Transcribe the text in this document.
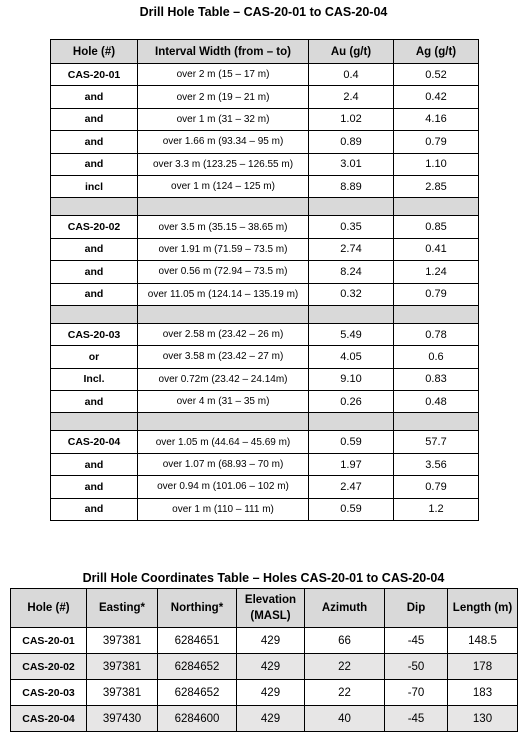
Drill Hole Table – CAS-20-01 to CAS-20-04
Hole (#)	Interval Width (from – to)	Au (g/t)	Ag (g/t)
CAS-20-01	over 2 m (15 – 17 m)	0.4	0.52
and	over 2 m (19 – 21 m)	2.4	0.42
and	over 1 m (31 – 32 m)	1.02	4.16
and	over 1.66 m (93.34 – 95 m)	0.89	0.79
and	over 3.3 m (123.25 – 126.55 m)	3.01	1.10
incl	over 1 m (124 – 125 m)	8.89	2.85

CAS-20-02	over 3.5 m (35.15 – 38.65 m)	0.35	0.85
and	over 1.91 m (71.59 – 73.5 m)	2.74	0.41
and	over 0.56 m (72.94 – 73.5 m)	8.24	1.24
and	over 11.05 m (124.14 – 135.19 m)	0.32	0.79

CAS-20-03	over 2.58 m (23.42 – 26 m)	5.49	0.78
or	over 3.58 m (23.42 – 27 m)	4.05	0.6
Incl.	over 0.72m (23.42 – 24.14m)	9.10	0.83
and	over 4 m (31 – 35 m)	0.26	0.48

CAS-20-04	over 1.05 m (44.64 – 45.69 m)	0.59	57.7
and	over 1.07 m (68.93 – 70 m)	1.97	3.56
and	over 0.94 m (101.06 – 102 m)	2.47	0.79
and	over 1 m (110 – 111 m)	0.59	1.2
Drill Hole Coordinates Table – Holes CAS-20-01 to CAS-20-04
Hole (#)	Easting*	Northing*	Elevation (MASL)	Azimuth	Dip	Length (m)
CAS-20-01	397381	6284651	429	66	-45	148.5
CAS-20-02	397381	6284652	429	22	-50	178
CAS-20-03	397381	6284652	429	22	-70	183
CAS-20-04	397430	6284600	429	40	-45	130
